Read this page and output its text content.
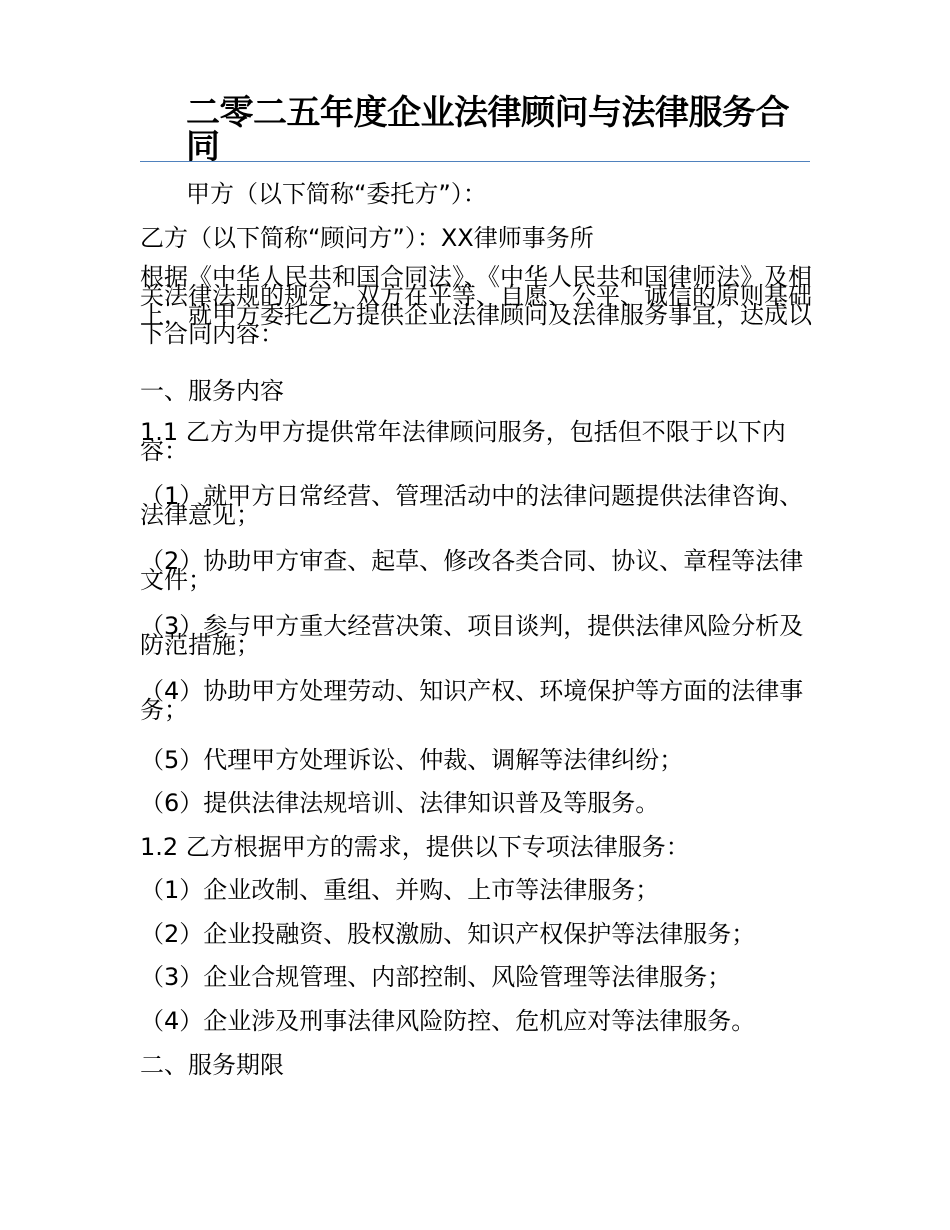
二零二五年度企业法律顾问与法律服务合同

甲方（以下简称“委托方”）：

乙方（以下简称“顾问方”）：XX律师事务所

根据《中华人民共和国合同法》、《中华人民共和国律师法》及相关法律法规的规定，双方在平等、自愿、公平、诚信的原则基础上，就甲方委托乙方提供企业法律顾问及法律服务事宜，达成以下合同内容：

一、服务内容

1.1 乙方为甲方提供常年法律顾问服务，包括但不限于以下内容：

（1）就甲方日常经营、管理活动中的法律问题提供法律咨询、法律意见；

（2）协助甲方审查、起草、修改各类合同、协议、章程等法律文件；

（3）参与甲方重大经营决策、项目谈判，提供法律风险分析及防范措施；

（4）协助甲方处理劳动、知识产权、环境保护等方面的法律事务；

（5）代理甲方处理诉讼、仲裁、调解等法律纠纷；

（6）提供法律法规培训、法律知识普及等服务。

1.2 乙方根据甲方的需求，提供以下专项法律服务：

（1）企业改制、重组、并购、上市等法律服务；

（2）企业投融资、股权激励、知识产权保护等法律服务；

（3）企业合规管理、内部控制、风险管理等法律服务；

（4）企业涉及刑事法律风险防控、危机应对等法律服务。

二、服务期限
